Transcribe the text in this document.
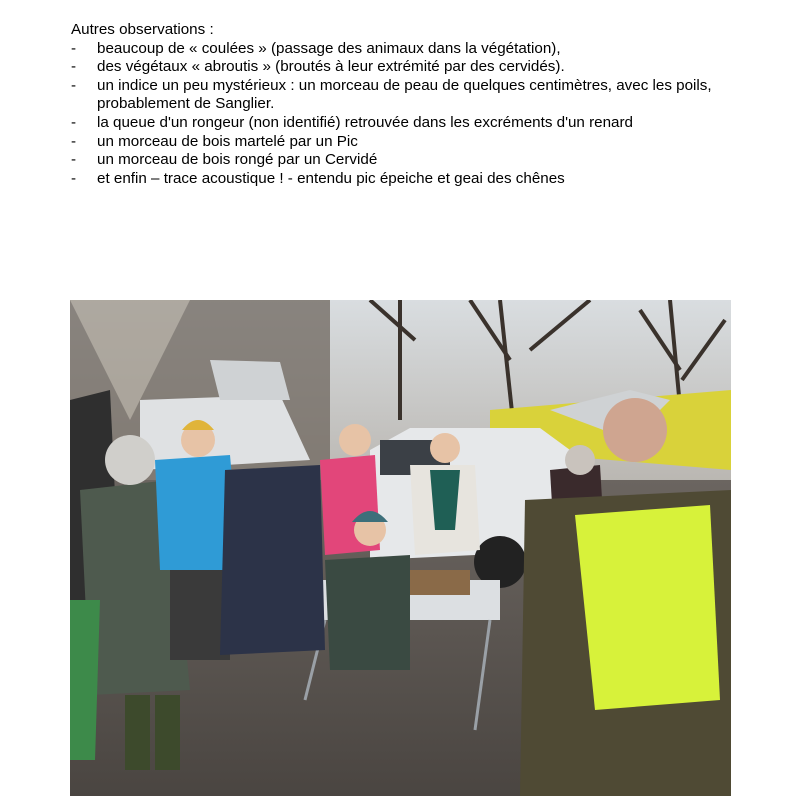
Autres observations :
- beaucoup de « coulées » (passage des animaux dans la végétation),
- des végétaux « abroutis » (broutés à leur extrémité par des cervidés).
- un indice un peu mystérieux : un morceau de peau de quelques centimètres, avec les poils, probablement de Sanglier.
- la queue d'un rongeur (non identifié) retrouvée dans les excréments d'un renard
- un morceau de bois martelé par un Pic
- un morceau de bois rongé par un Cervidé
- et enfin – trace acoustique ! - entendu pic épeiche et geai des chênes
